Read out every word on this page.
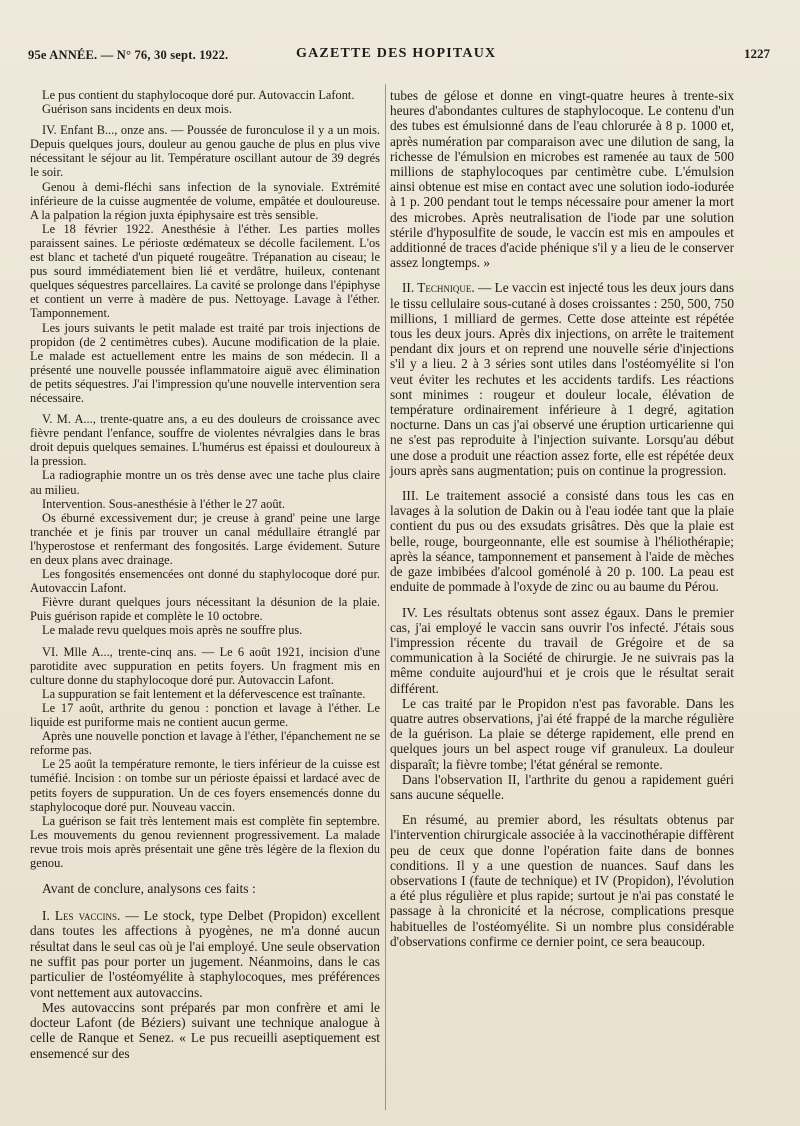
95e ANNÉE. — N° 76, 30 sept. 1922.	GAZETTE DES HOPITAUX	1227

Le pus contient du staphylocoque doré pur. Autovaccin Lafont.

Guérison sans incidents en deux mois.

IV. Enfant B..., onze ans. — Poussée de furonculose il y a un mois. Depuis quelques jours, douleur au genou gauche de plus en plus vive nécessitant le séjour au lit. Température oscillant autour de 39 degrés le soir.

Genou à demi-fléchi sans infection de la synoviale. Extrémité inférieure de la cuisse augmentée de volume, empâtée et douloureuse. A la palpation la région juxta épiphysaire est très sensible.

Le 18 février 1922. Anesthésie à l'éther. Les parties molles paraissent saines. Le périoste œdémateux se décolle facilement. L'os est blanc et tacheté d'un piqueté rougeâtre. Trépanation au ciseau; le pus sourd immédiatement bien lié et verdâtre, huileux, contenant quelques séquestres parcellaires. La cavité se prolonge dans l'épiphyse et contient un verre à madère de pus. Nettoyage. Lavage à l'éther. Tamponnement.

Les jours suivants le petit malade est traité par trois injections de propidon (de 2 centimètres cubes). Aucune modification de la plaie. Le malade est actuellement entre les mains de son médecin. Il a présenté une nouvelle poussée inflammatoire aiguë avec élimination de petits séquestres. J'ai l'impression qu'une nouvelle intervention sera nécessaire.

V. M. A..., trente-quatre ans, a eu des douleurs de croissance avec fièvre pendant l'enfance, souffre de violentes névralgies dans le bras droit depuis quelques semaines. L'humérus est épaissi et douloureux à la pression.

La radiographie montre un os très dense avec une tache plus claire au milieu.

Intervention. Sous-anesthésie à l'éther le 27 août.

Os éburné excessivement dur; je creuse à grand' peine une large tranchée et je finis par trouver un canal médullaire étranglé par l'hyperostose et renfermant des fongosités. Large évidement. Suture en deux plans avec drainage.

Les fongosités ensemencées ont donné du staphylocoque doré pur. Autovaccin Lafont.

Fièvre durant quelques jours nécessitant la désunion de la plaie. Puis guérison rapide et complète le 10 octobre.

Le malade revu quelques mois après ne souffre plus.

VI. Mlle A..., trente-cinq ans. — Le 6 août 1921, incision d'une parotidite avec suppuration en petits foyers. Un fragment mis en culture donne du staphylocoque doré pur. Autovaccin Lafont.

La suppuration se fait lentement et la défervescence est traînante.

Le 17 août, arthrite du genou : ponction et lavage à l'éther. Le liquide est puriforme mais ne contient aucun germe.

Après une nouvelle ponction et lavage à l'éther, l'épanchement ne se reforme pas.

Le 25 août la température remonte, le tiers inférieur de la cuisse est tuméfié. Incision : on tombe sur un périoste épaissi et lardacé avec de petits foyers de suppuration. Un de ces foyers ensemencés donne du staphylocoque doré pur. Nouveau vaccin.

La guérison se fait très lentement mais est complète fin septembre. Les mouvements du genou reviennent progressivement. La malade revue trois mois après présentait une gêne très légère de la flexion du genou.

Avant de conclure, analysons ces faits :

I. Les vaccins. — Le stock, type Delbet (Propidon) excellent dans toutes les affections à pyogènes, ne m'a donné aucun résultat dans le seul cas où je l'ai employé. Une seule observation ne suffit pas pour porter un jugement. Néanmoins, dans le cas particulier de l'ostéomyélite à staphylocoques, mes préférences vont nettement aux autovaccins.

Mes autovaccins sont préparés par mon confrère et ami le docteur Lafont (de Béziers) suivant une technique analogue à celle de Ranque et Senez. « Le pus recueilli aseptiquement est ensemencé sur des

tubes de gélose et donne en vingt-quatre heures à trente-six heures d'abondantes cultures de staphylocoque. Le contenu d'un des tubes est émulsionné dans de l'eau chlorurée à 8 p. 1000 et, après numération par comparaison avec une dilution de sang, la richesse de l'émulsion en microbes est ramenée au taux de 500 millions de staphylocoques par centimètre cube. L'émulsion ainsi obtenue est mise en contact avec une solution iodo-iodurée à 1 p. 200 pendant tout le temps nécessaire pour amener la mort des microbes. Après neutralisation de l'iode par une solution stérile d'hyposulfite de soude, le vaccin est mis en ampoules et additionné de traces d'acide phénique s'il y a lieu de le conserver assez longtemps. »

II. Technique. — Le vaccin est injecté tous les deux jours dans le tissu cellulaire sous-cutané à doses croissantes : 250, 500, 750 millions, 1 milliard de germes. Cette dose atteinte est répétée tous les deux jours. Après dix injections, on arrête le traitement pendant dix jours et on reprend une nouvelle série d'injections s'il y a lieu. 2 à 3 séries sont utiles dans l'ostéomyélite si l'on veut éviter les rechutes et les accidents tardifs. Les réactions sont minimes : rougeur et douleur locale, élévation de température ordinairement inférieure à 1 degré, agitation nocturne. Dans un cas j'ai observé une éruption urticarienne qui ne s'est pas reproduite à l'injection suivante. Lorsqu'au début une dose a produit une réaction assez forte, elle est répétée deux jours après sans augmentation; puis on continue la progression.

III. Le traitement associé a consisté dans tous les cas en lavages à la solution de Dakin ou à l'eau iodée tant que la plaie contient du pus ou des exsudats grisâtres. Dès que la plaie est belle, rouge, bourgeonnante, elle est soumise à l'héliothérapie; après la séance, tamponnement et pansement à l'aide de mèches de gaze imbibées d'alcool goménolé à 20 p. 100. La peau est enduite de pommade à l'oxyde de zinc ou au baume du Pérou.

IV. Les résultats obtenus sont assez égaux. Dans le premier cas, j'ai employé le vaccin sans ouvrir l'os infecté. J'étais sous l'impression récente du travail de Grégoire et de sa communication à la Société de chirurgie. Je ne suivrais pas la même conduite aujourd'hui et je crois que le résultat serait différent.

Le cas traité par le Propidon n'est pas favorable. Dans les quatre autres observations, j'ai été frappé de la marche régulière de la guérison. La plaie se déterge rapidement, elle prend en quelques jours un bel aspect rouge vif granuleux. La douleur disparaît; la fièvre tombe; l'état général se remonte.

Dans l'observation II, l'arthrite du genou a rapidement guéri sans aucune séquelle.

En résumé, au premier abord, les résultats obtenus par l'intervention chirurgicale associée à la vaccinothérapie diffèrent peu de ceux que donne l'opération faite dans de bonnes conditions. Il y a une question de nuances. Sauf dans les observations I (faute de technique) et IV (Propidon), l'évolution a été plus régulière et plus rapide; surtout je n'ai pas constaté le passage à la chronicité et la nécrose, complications presque habituelles de l'ostéomyélite. Si un nombre plus considérable d'observations confirme ce dernier point, ce sera beaucoup.
